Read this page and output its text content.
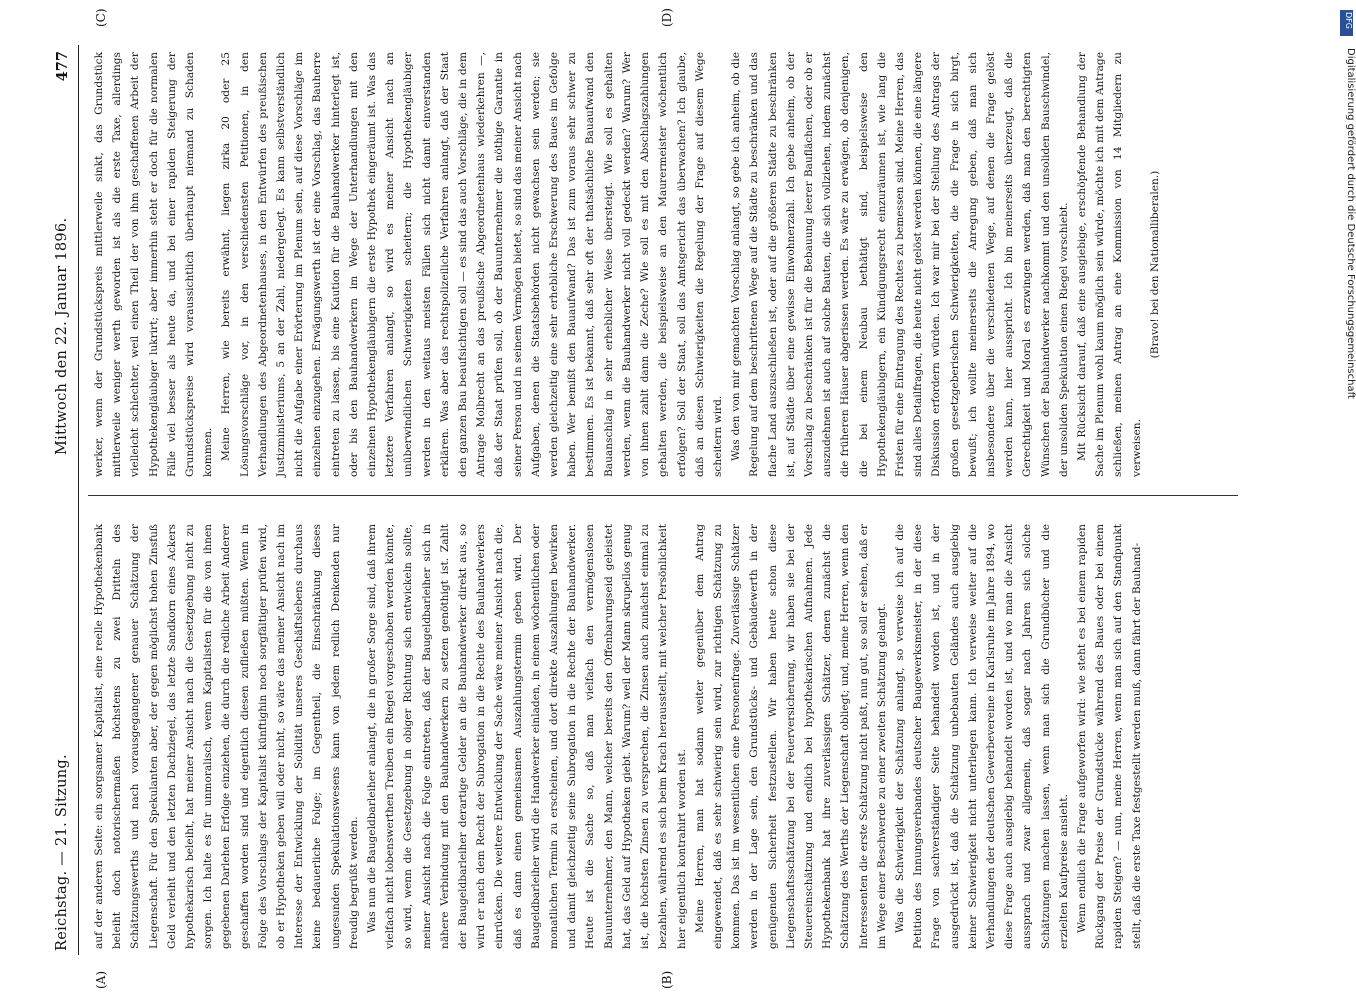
Reichstag. — 21. Sitzung.
Mittwoch den 22. Januar 1896.
477

auf der anderen Seite: ein sorgsamer Kapitalist, eine reelle Hypothekenbank beleiht doch notorischermaßen höchstens zu zwei Dritteln des Schätzungswerths und nach vorausgegangener genauer Schätzung der Liegenschaft. Für den Spekulanten aber, der gegen möglichst hohen Zinsfuß Geld verleiht und den letzten Dachziegel, das letzte Sandkorn eines Ackers hypothekarisch beleiht, hat meiner Ansicht nach die Gesetzgebung nicht zu sorgen. Ich halte es für unmoralisch, wenn Kapitalisten für die von ihnen gegebenen Darlehen Erfolge einziehen, die durch die redliche Arbeit Anderer geschaffen worden sind und eigentlich diesen zufließen müßten. Wenn in Folge des Vorschlags der Kapitalist künftighin noch sorgfältiger prüfen wird, ob er Hypotheken geben will oder nicht, so wäre das meiner Ansicht nach im Interesse der Entwicklung der Solidität unseres Geschäftslebens durchaus keine bedauerliche Folge; im Gegentheil, die Einschränkung dieses ungesunden Spekulationswesens kann von jedem redlich Denkenden nur freudig begrüßt werden. Was nun die Baugeldbarleiher anlangt, die in großer Sorge sind, daß ihrem vielfach nicht lobenswerthen Treiben ein Riegel vorgeschoben werden könnte, so wird, wenn die Gesetzgebung in obiger Richtung sich entwickeln sollte, meiner Ansicht nach die Folge eintreten, daß der Baugeldbarleiher sich in nähere Verbindung mit den Bauhandwerkern zu setzen genöthigt ist. Zahlt der Baugeldbarleiher derartige Gelder an die Bauhandwerker direkt aus, so wird er nach dem Recht der Subrogation in die Rechte des Bauhandwerkers einrücken. Die weitere Entwicklung der Sache wäre meiner Ansicht nach die, daß es dann einen gemeinsamen Auszahlungstermin geben wird. Der Baugeldbarleiher wird die Handwerker einladen, in einem wöchentlichen oder monatlichen Termin zu erscheinen, und dort direkte Auszahlungen bewirken und damit gleichzeitig seine Subrogation in die Rechte der Bauhandwerker. Heute ist die Sache so, daß man vielfach den vermögenslosen Bauunternehmer, den Mann, welcher bereits den Offenbarungseid geleistet hat, das Geld auf Hypotheken giebt. Warum? weil der Mann skrupellos genug ist, die höchsten Zinsen zu versprechen, die Zinsen auch zunächst einmal zu bezahlen, während es sich beim Krach herausstellt, mit welcher Persönlichkeit hier eigentlich kontrahirt worden ist. Meine Herren, man hat sodann weiter gegenüber dem Antrag eingewendet, daß es sehr schwierig sein wird, zur richtigen Schätzung zu kommen. Das ist im wesentlichen eine Personenfrage. Zuverlässige Schätzer werden in der Lage sein, den Grundstücks- und Gebäudewerth in der genügenden Sicherheit festzustellen. Wir haben heute schon diese Liegenschaftsschätzung bei der Feuerversicherung, wir haben sie bei der Steuereinschätzung und endlich bei hypothekarischen Aufnahmen. Jede Hypothekenbank hat ihre zuverlässigen Schätzer, denen zunächst die Schätzung des Werths der Liegenschaft obliegt; und, meine Herren, wenn den Interessenten die erste Schätzung nicht paßt, nun gut, so soll er sehen, daß er im Wege einer Beschwerde zu einer zweiten Schätzung gelangt. Was die Schwierigkeit der Schätzung anlangt, so verweise ich auf die Petition des Innungsverbandes deutscher Baugewerksmeister, in der diese Frage von sachverständiger Seite behandelt worden ist, und in der ausgedrückt ist, daß die Schätzung unbebauten Geländes auch ausgiebig keiner Schwierigkeit nicht unterliegen kann. Ich verweise weiter auf die Verhandlungen der deutschen Gewerbevereine in Karlsruhe im Jahre 1894, wo diese Frage auch ausgiebig behandelt worden ist, und wo man die Ansicht aussprach und zwar allgemein, daß sogar nach Jahren sich solche Schätzungen machen lassen, wenn man sich die Grundbücher und die erzielten Kaufpreise ansieht. Wenn endlich die Frage aufgeworfen wird: wie steht es bei einem rapiden Rückgang der Preise der Grundstücke während des Baues oder bei einem rapiden Steigen? — nun, meine Herren, wenn man sich auf den Standpunkt stellt, daß die erste Taxe festgestellt werden muß, dann fährt der Bauhand-

werker, wenn der Grundstückspreis mittlerweile sinkt, das Grundstück mittlerweile weniger werth geworden ist als die erste Taxe, allerdings vielleicht schlechter, weil einen Theil der von ihm geschaffenen Arbeit der Hypothekengläubiger lukrirt; aber immerhin steht er doch für die normalen Fälle viel besser als heute da, und bei einer rapiden Steigerung der Grundstückspreise wird voraussichtlich überhaupt niemand zu Schaden kommen. Meine Herren, wie bereits erwähnt, liegen zirka 20 oder 25 Lösungsvorschläge vor, in den verschiedensten Petitionen, in den Verhandlungen des Abgeordnetenhauses, in den Entwürfen des preußischen Justizministeriums, 5 an der Zahl, niedergelegt. Es kann selbstverständlich nicht die Aufgabe einer Erörterung im Plenum sein, auf diese Vorschläge im einzelnen einzugehen. Erwägungswerth ist der eine Vorschlag, das Bauherre eintreten zu lassen, bis eine Kaution für die Bauhandwerker hinterlegt ist, oder bis den Bauhandwerkern im Wege der Unterhandlungen mit den einzelnen Hypothekengläubigern die erste Hypothek eingeräumt ist. Was das letztere Verfahren anlangt, so wird es meiner Ansicht nach an unüberwindlichen Schwierigkeiten scheitern; die Hypothekengläubiger werden in den weitaus meisten Fällen sich nicht damit einverstanden erklären. Was aber das rechtspolizeiliche Verfahren anlangt, daß der Staat den ganzen Bau beaufsichtigen soll — es sind das auch Vorschläge, die in dem Antrage Molbrecht an das preußische Abgeordnetenhaus wiederkehren —, daß der Staat prüfen soll, ob der Bauunternehmer die nöthige Garantie in seiner Person und in seinem Vermögen bietet, so sind das meiner Ansicht nach Aufgaben, denen die Staatsbehörden nicht gewachsen sein werden; sie werden gleichzeitig eine sehr erhebliche Erschwerung des Baues im Gefolge haben. Wer bemißt den Bauaufwand? Das ist zum voraus sehr schwer zu bestimmen. Es ist bekannt, daß sehr oft der thatsächliche Bauaufwand den Bauanschlag in sehr erheblicher Weise übersteigt. Wie soll es gehalten werden, wenn die Bauhandwerker nicht voll gedeckt werden? Warum? Wer von ihnen zahlt dann die Zeche? Wie soll es mit den Abschlagszahlungen gehalten werden, die beispielsweise an den Maurermeister wöchentlich erfolgen? Soll der Staat, soll das Amtsgericht das überwachen? Ich glaube, daß an diesen Schwierigkeiten die Regelung der Frage auf diesem Wege scheitern wird. Was den von mir gemachten Vorschlag anlangt, so gebe ich anheim, ob die Regelung auf dem beschrittenen Wege auf die Städte zu beschränken und das flache Land auszuschließen ist, oder auf die größeren Städte zu beschränken ist, auf Städte über eine gewisse Einwohnerzahl. Ich gebe anheim, ob der Vorschlag zu beschränken ist für die Bebauung leerer Bauflächen, oder ob er auszudehnen ist auch auf solche Bauten, die sich vollziehen, indem zunächst die früheren Häuser abgerissen werden. Es wäre zu erwägen, ob denjenigen, die bei einem Neubau bethätigt sind, beispielsweise den Hypothekengläubigern, ein Kündigungsrecht einzuräumen ist, wie lang die Fristen für eine Eintragung des Rechtes zu bemessen sind. Meine Herren, das sind alles Detailfragen, die heute nicht gelöst werden können, die eine längere Diskussion erfordern würden. Ich war mir bei der Stellung des Antrags der großen gesetzgeberischen Schwierigkeiten, die die Frage in sich birgt, bewußt; ich wollte meinerseits die Anregung geben, daß man sich insbesondere über die verschiedenen Wege, auf denen die Frage gelöst werden kann, hier ausspricht. Ich bin meinerseits überzeugt, daß die Gerechtigkeit und Moral es erzwingen werden, daß man den berechtigten Wünschen der Bauhandwerker nachkommt und den unsoliden Bauschwindel, der unsoliden Spekulation einen Riegel vorschiebt. Mit Rücksicht darauf, daß eine ausgiebige, erschöpfende Behandlung der Sache im Plenum wohl kaum möglich sein würde, möchte ich mit dem Antrage schließen, meinen Antrag an eine Kommission von 14 Mitgliedern zu verweisen.

(Bravo! bei den Nationalliberalen.)

(A)	(B)
(C)	(D)	DFG
Digitalisierung gefördert durch die Deutsche Forschungsgemeinschaft
